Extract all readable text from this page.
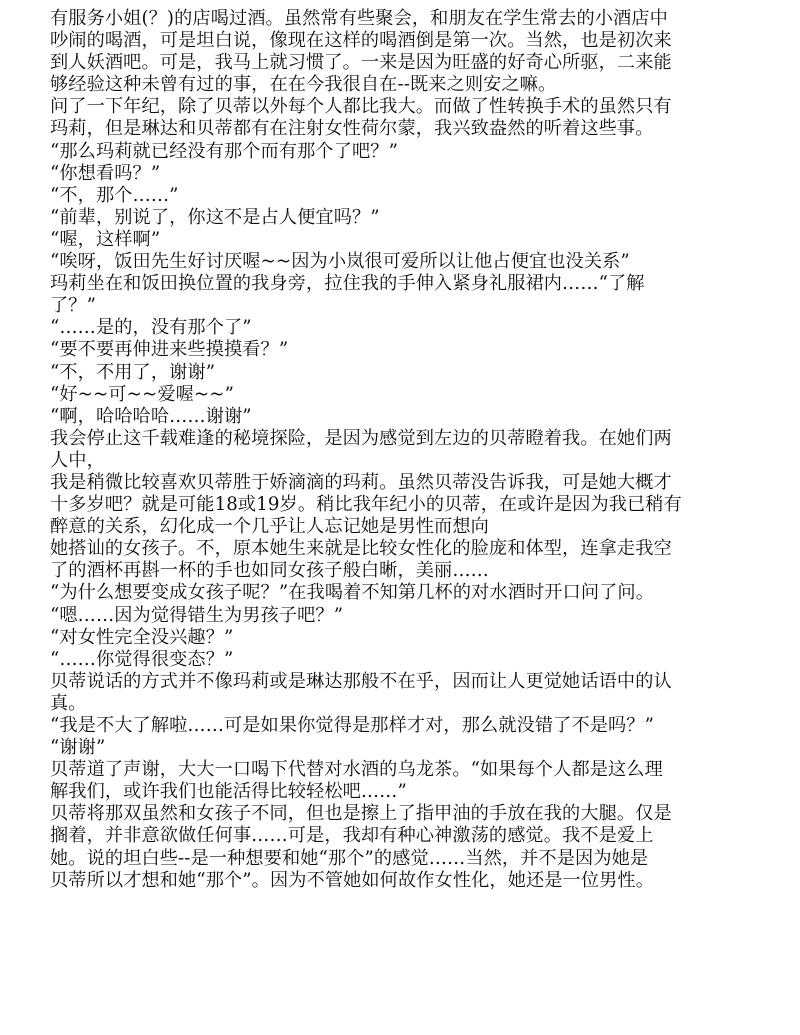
有服务小姐(？)的店喝过酒。虽然常有些聚会，和朋友在学生常去的小酒店中
吵闹的喝酒，可是坦白说，像现在这样的喝酒倒是第一次。当然，也是初次来
到人妖酒吧。可是，我马上就习惯了。一来是因为旺盛的好奇心所驱，二来能
够经验这种未曾有过的事，在在今我很自在--既来之则安之嘛。
问了一下年纪，除了贝蒂以外每个人都比我大。而做了性转换手术的虽然只有
玛莉，但是琳达和贝蒂都有在注射女性荷尔蒙，我兴致盎然的听着这些事。
“那么玛莉就已经没有那个而有那个了吧？”
“你想看吗？”
“不，那个……”
“前辈，别说了，你这不是占人便宜吗？”
“喔，这样啊”
“唉呀，饭田先生好讨厌喔~~因为小岚很可爱所以让他占便宜也没关系”
玛莉坐在和饭田换位置的我身旁，拉住我的手伸入紧身礼服裙内……“了解
了？”
“……是的，没有那个了”
“要不要再伸进来些摸摸看？”
“不，不用了，谢谢”
“好~~可~~爱喔~~”
“啊，哈哈哈哈……谢谢”
我会停止这千载难逢的秘境探险，是因为感觉到左边的贝蒂瞪着我。在她们两
人中，
我是稍微比较喜欢贝蒂胜于娇滴滴的玛莉。虽然贝蒂没告诉我，可是她大概才
十多岁吧？就是可能18或19岁。稍比我年纪小的贝蒂，在或许是因为我已稍有
醉意的关系，幻化成一个几乎让人忘记她是男性而想向
她搭讪的女孩子。不，原本她生来就是比较女性化的脸庞和体型，连拿走我空
了的酒杯再斟一杯的手也如同女孩子般白晰，美丽……
“为什么想要变成女孩子呢？”在我喝着不知第几杯的对水酒时开口问了问。
“嗯……因为觉得错生为男孩子吧？”
“对女性完全没兴趣？”
“……你觉得很变态？”
贝蒂说话的方式并不像玛莉或是琳达那般不在乎，因而让人更觉她话语中的认
真。
“我是不大了解啦……可是如果你觉得是那样才对，那么就没错了不是吗？”
“谢谢”
贝蒂道了声谢，大大一口喝下代替对水酒的乌龙茶。“如果每个人都是这么理
解我们，或许我们也能活得比较轻松吧……”
贝蒂将那双虽然和女孩子不同，但也是擦上了指甲油的手放在我的大腿。仅是
搁着，并非意欲做任何事……可是，我却有种心神激荡的感觉。我不是爱上
她。说的坦白些--是一种想要和她“那个”的感觉……当然，并不是因为她是
贝蒂所以才想和她“那个”。因为不管她如何故作女性化，她还是一位男性。
